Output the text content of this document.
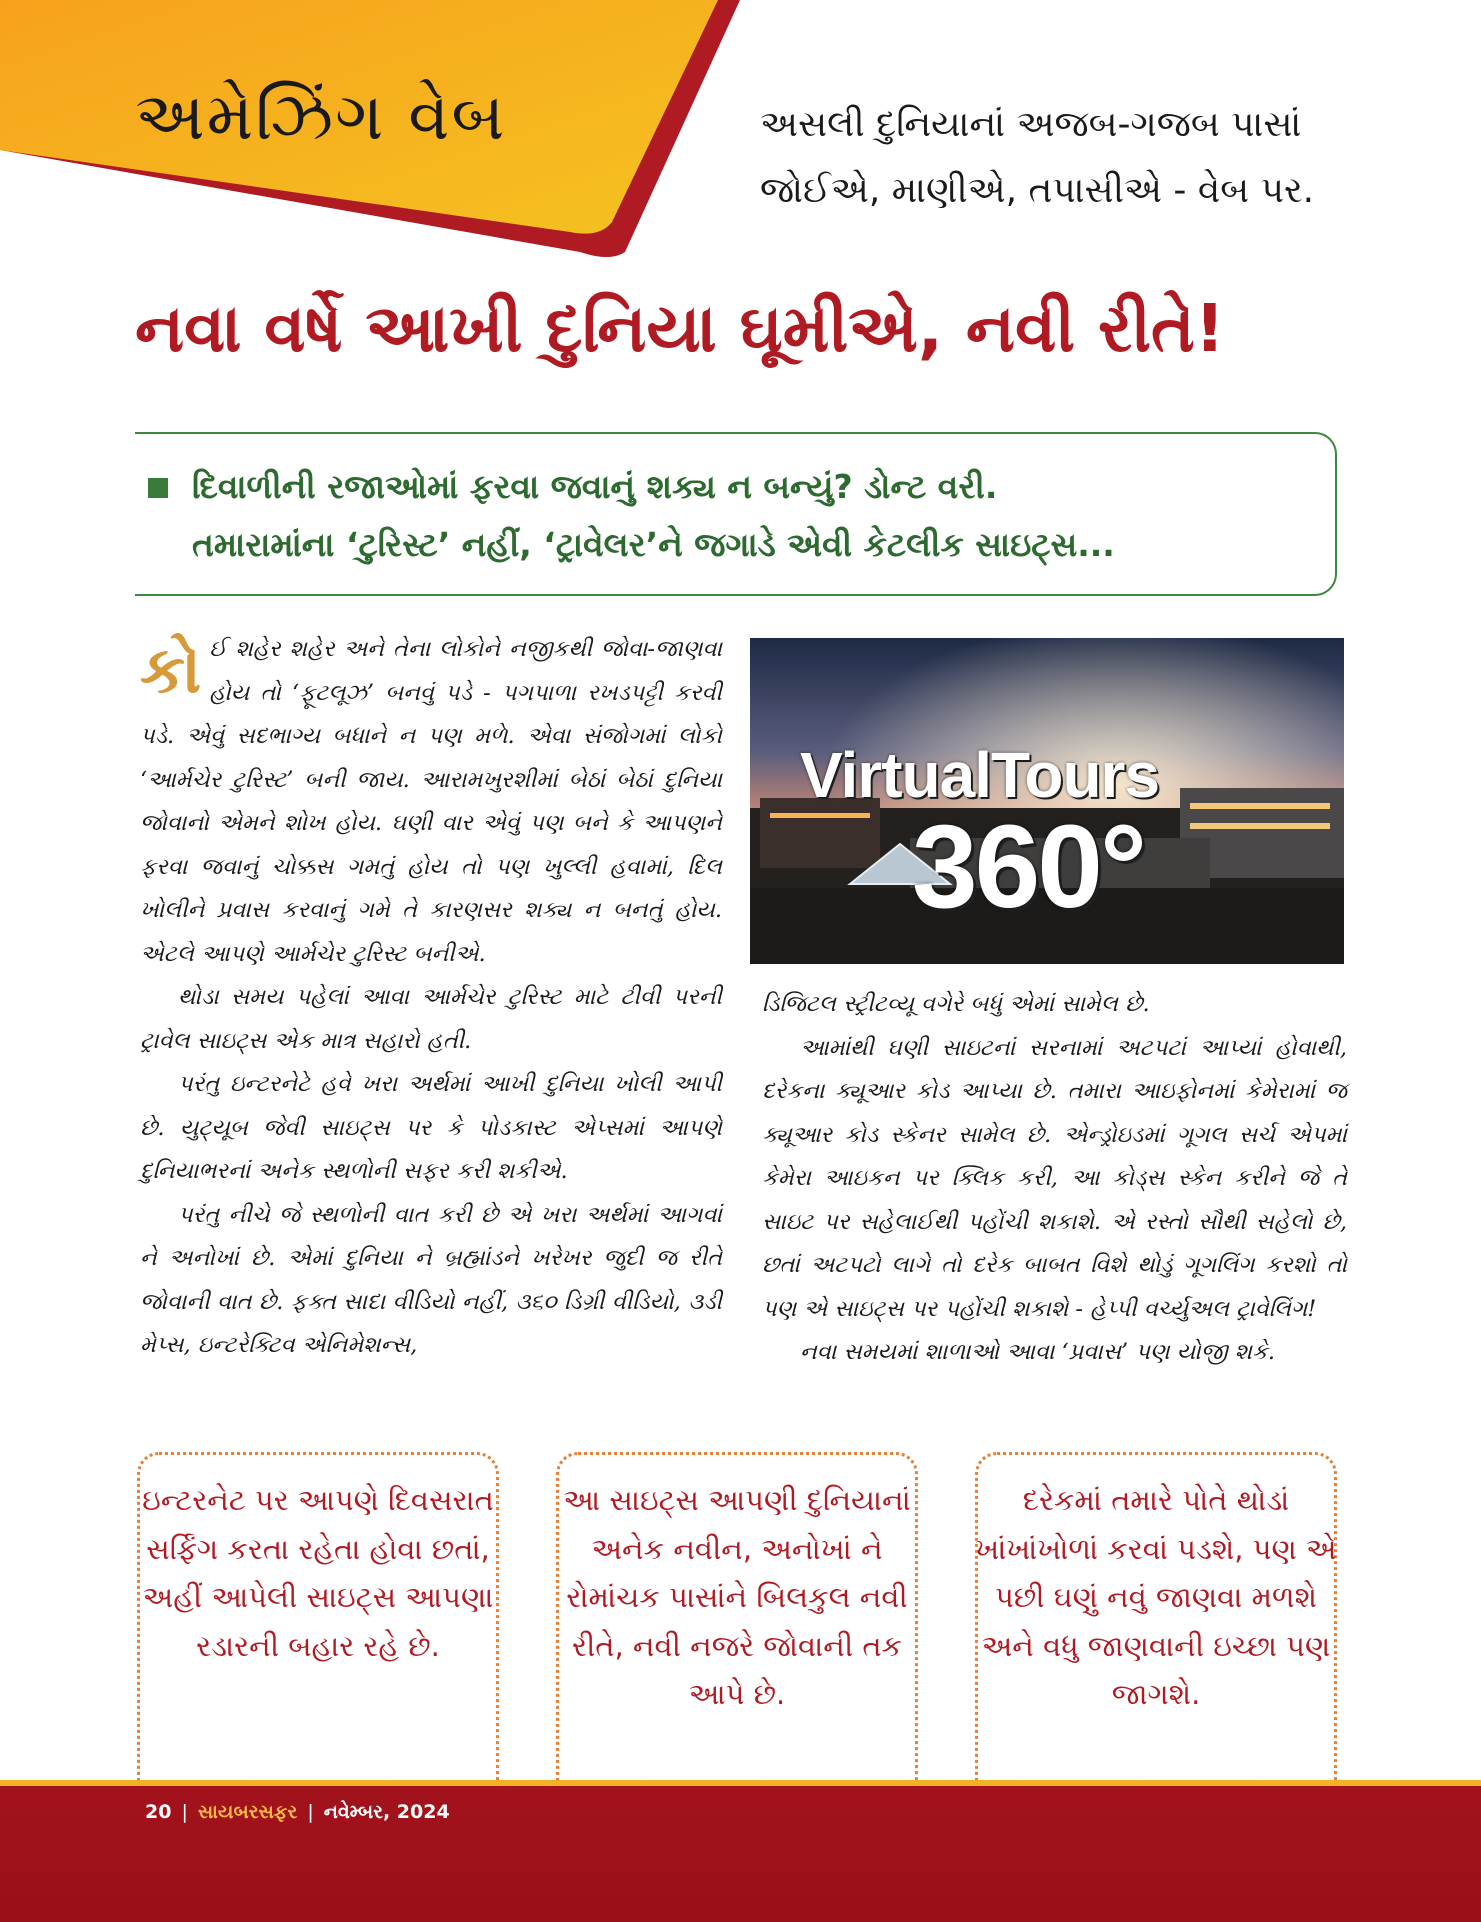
અમેઝિંગ વેબ	અસલી દુનિયાનાં અજબ-ગજબ પાસાં
જોઈએ, માણીએ, તપાસીએ - વેબ પર.
નવા વર્ષે આખી દુનિયા ઘૂમીએ, નવી રીતે!
દિવાળીની રજાઓમાં ફરવા જવાનું શક્ય ન બન્યું? ડોન્ટ વરી.
તમારામાંના ‘ટુરિસ્ટ’ નહીં, ‘ટ્રાવેલર’ને જગાડે એવી કેટલીક સાઇટ્સ...

કોઈ શહેર શહેર અને તેના લોકોને નજીકથી જોવા-જાણવા હોય તો ‘ફૂટલૂઝ’ બનવું પડે - પગપાળા રખડપટ્ટી કરવી પડે. એવું સદભાગ્ય બધાને ન પણ મળે. એવા સંજોગમાં લોકો ‘આર્મચેર ટુરિસ્ટ’ બની જાય. આરામખુરશીમાં બેઠાં બેઠાં દુનિયા જોવાનો એમને શોખ હોય. ઘણી વાર એવું પણ બને કે આપણને ફરવા જવાનું ચોક્કસ ગમતું હોય તો પણ ખુલ્લી હવામાં, દિલ ખોલીને પ્રવાસ કરવાનું ગમે તે કારણસર શક્ય ન બનતું હોય. એટલે આપણે આર્મચેર ટુરિસ્ટ બનીએ.

થોડા સમય પહેલાં આવા આર્મચેર ટુરિસ્ટ માટે ટીવી પરની ટ્રાવેલ સાઇટ્સ એક માત્ર સહારો હતી.

પરંતુ ઇન્ટરનેટે હવે ખરા અર્થમાં આખી દુનિયા ખોલી આપી છે. યુટ્યૂબ જેવી સાઇટ્સ પર કે પોડકાસ્ટ એપ્સમાં આપણે દુનિયાભરનાં અનેક સ્થળોની સફર કરી શકીએ.

પરંતુ નીચે જે સ્થળોની વાત કરી છે એ ખરા અર્થમાં આગવાં ને અનોખાં છે. એમાં દુનિયા ને બ્રહ્માંડને ખરેખર જુદી જ રીતે જોવાની વાત છે. ફક્ત સાદા વીડિયો નહીં, ૩૬૦ ડિગ્રી વીડિયો, ૩ડી મેપ્સ, ઇન્ટરેક્ટિવ એનિમેશન્સ,

VirtualTours
360°

ડિજિટલ સ્ટ્રીટવ્યૂ વગેરે બધું એમાં સામેલ છે.

આમાંથી ઘણી સાઇટનાં સરનામાં અટપટાં આપ્યાં હોવાથી, દરેકના ક્યૂઆર કોડ આપ્યા છે. તમારા આઇફોનમાં કેમેરામાં જ ક્યૂઆર કોડ સ્કેનર સામેલ છે. એન્ડ્રોઇડમાં ગૂગલ સર્ચ એપમાં કેમેરા આઇકન પર ક્લિક કરી, આ કોડ્સ સ્કેન કરીને જે તે સાઇટ પર સહેલાઈથી પહોંચી શકાશે. એ રસ્તો સૌથી સહેલો છે, છતાં અટપટો લાગે તો દરેક બાબત વિશે થોડું ગૂગલિંગ કરશો તો પણ એ સાઇટ્સ પર પહોંચી શકાશે - હેપ્પી વર્ચ્યુઅલ ટ્રાવેલિંગ!

નવા સમયમાં શાળાઓ આવા ‘પ્રવાસ’ પણ યોજી શકે.

ઇન્ટરનેટ પર આપણે દિવસરાત સર્ફિંગ કરતા રહેતા હોવા છતાં, અહીં આપેલી સાઇટ્સ આપણા રડારની બહાર રહે છે.
આ સાઇટ્સ આપણી દુનિયાનાં અનેક નવીન, અનોખાં ને રોમાંચક પાસાંને બિલકુલ નવી રીતે, નવી નજરે જોવાની તક આપે છે.
દરેકમાં તમારે પોતે થોડાં ખાંખાંખોળાં કરવાં પડશે, પણ એ પછી ઘણું નવું જાણવા મળશે અને વધુ જાણવાની ઇચ્છા પણ જાગશે.
20 | સાયબરસફર | નવેમ્બર, 2024
